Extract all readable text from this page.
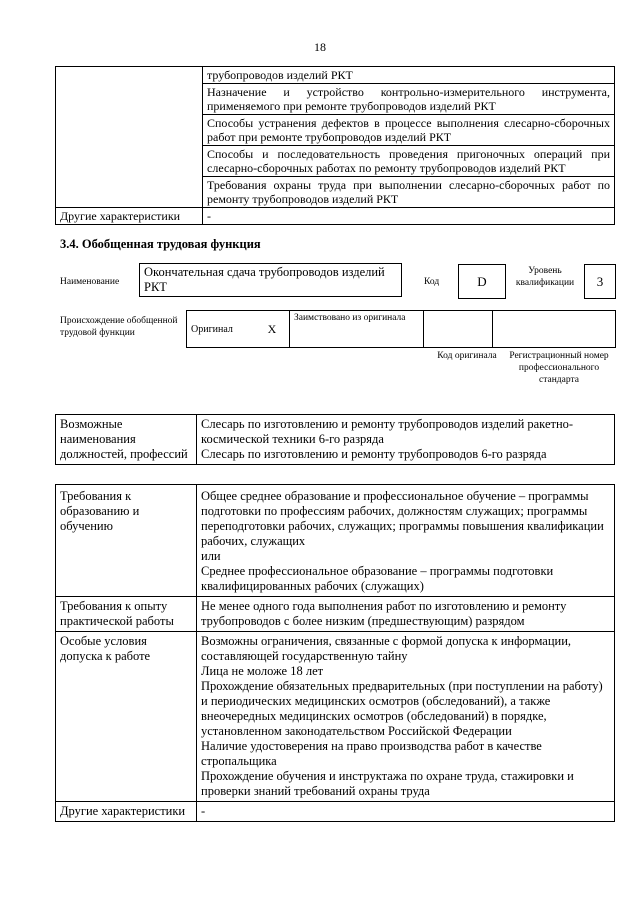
18
	трубопроводов изделий РКТ
	Назначение и устройство контрольно-измерительного инструмента, применяемого при ремонте трубопроводов изделий РКТ
	Способы устранения дефектов в процессе выполнения слесарно-сборочных работ при ремонте трубопроводов изделий РКТ
	Способы и последовательность проведения пригоночных операций при слесарно-сборочных работах по ремонту трубопроводов изделий РКТ
	Требования охраны труда при выполнении слесарно-сборочных работ по ремонту трубопроводов изделий РКТ
Другие характеристики	-
3.4. Обобщенная трудовая функция
Наименование
Окончательная сдача трубопроводов изделий РКТ	Код	D
Уровень квалификации	3
Происхождение обобщенной трудовой функции	Оригинал	X	Заимствовано из оригинала		
Код оригинала	Регистрационный номер профессионального стандарта
Возможные наименования должностей, профессий	
Слесарь по изготовлению и ремонту трубопроводов изделий ракетно-космической техники 6-го разряда
Слесарь по изготовлению и ремонту трубопроводов 6-го разряда
Требования к образованию и обучению	Общее среднее образование и профессиональное обучение – программы подготовки по профессиям рабочих, должностям служащих; программы переподготовки рабочих, служащих; программы повышения квалификации рабочих, служащих
или
Среднее профессиональное образование – программы подготовки квалифицированных рабочих (служащих)

Требования к опыту практической работы	Не менее одного года выполнения работ по изготовлению и ремонту трубопроводов с более низким (предшествующим) разрядом

Особые условия допуска к работе	Возможны ограничения, связанные с формой допуска к информации, составляющей государственную тайну
Лица не моложе 18 лет
Прохождение обязательных предварительных (при поступлении на работу) и периодических медицинских осмотров (обследований), а также внеочередных медицинских осмотров (обследований) в порядке, установленном законодательством Российской Федерации
Наличие удостоверения на право производства работ в качестве стропальщика
Прохождение обучения и инструктажа по охране труда, стажировки и проверки знаний требований охраны труда

Другие характеристики	-
